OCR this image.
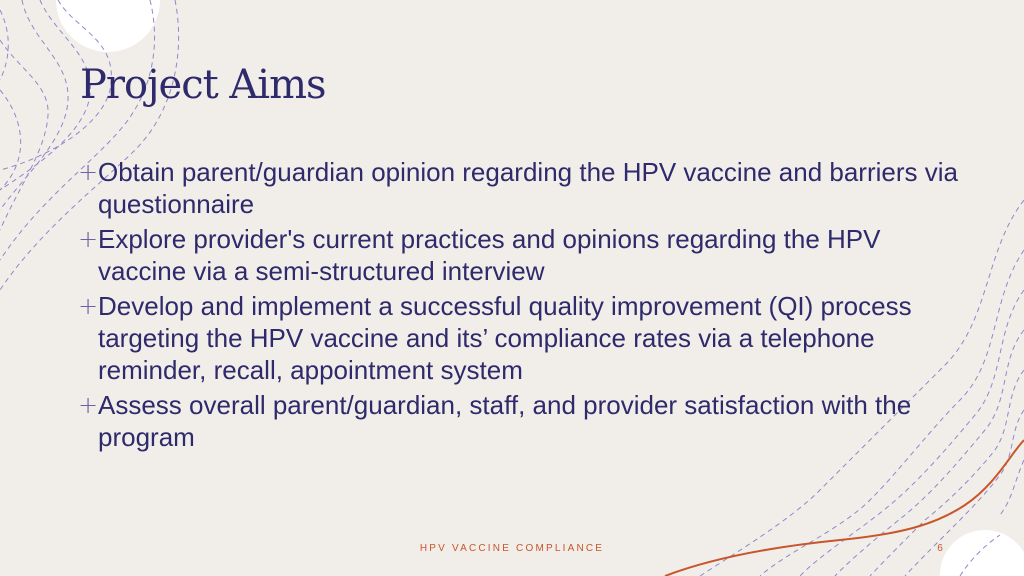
Project Aims
+ Obtain parent/guardian opinion regarding the HPV vaccine and barriers via questionnaire
+ Explore provider's current practices and opinions regarding the HPV vaccine via a semi-structured interview
+ Develop and implement a successful quality improvement (QI) process targeting the HPV vaccine and its’ compliance rates via a telephone reminder, recall, appointment system
+ Assess overall parent/guardian, staff, and provider satisfaction with the program
HPV VACCINE COMPLIANCE	6
